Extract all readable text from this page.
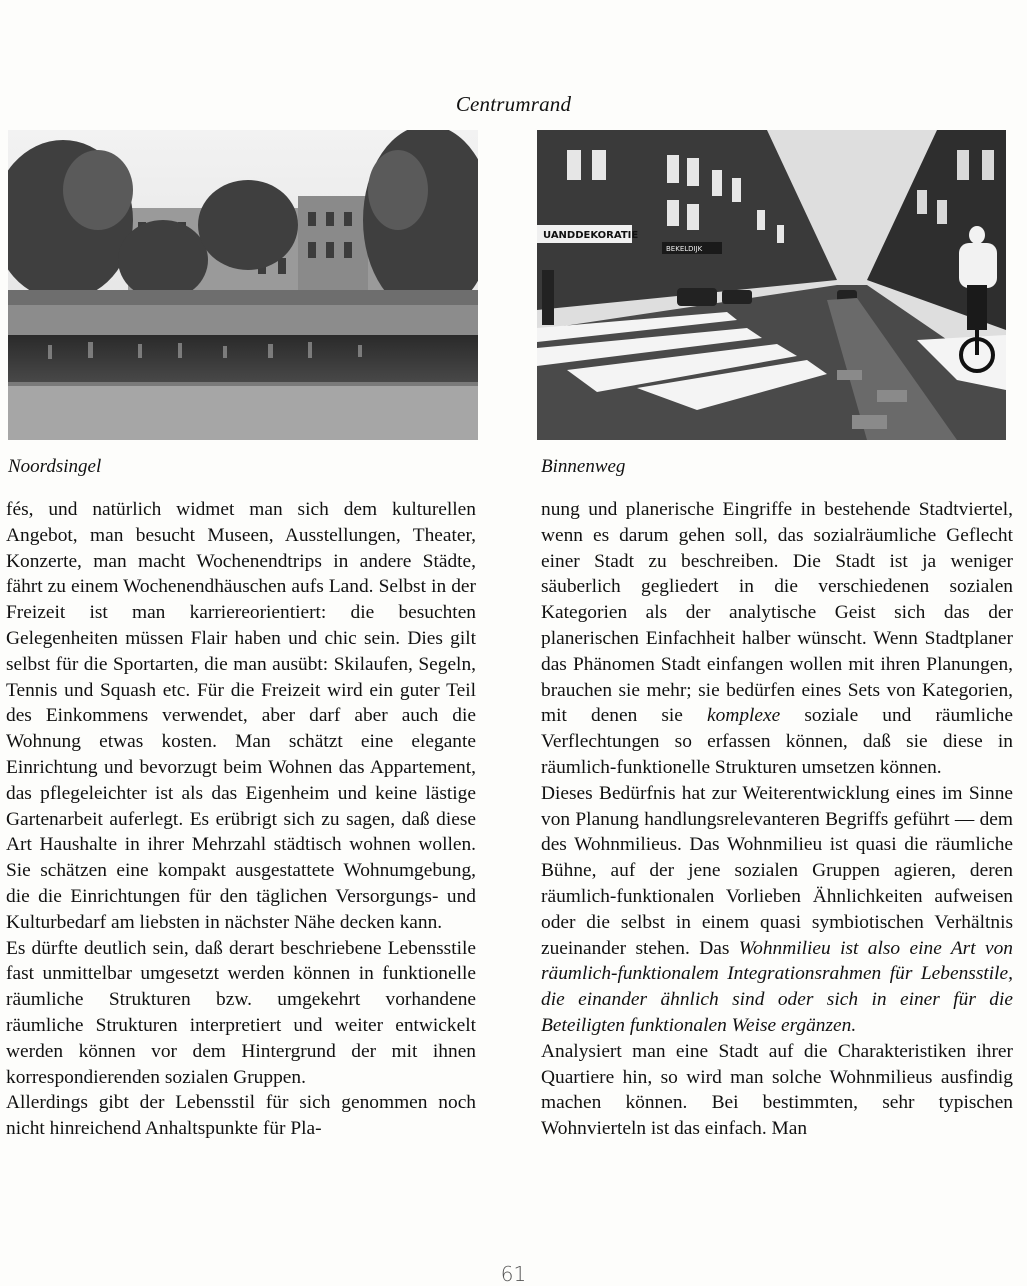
Centrumrand
UANDDEKORATIE
BEKELDIJK
Noordsingel	Binnenweg

fés, und natürlich widmet man sich dem kulturellen Angebot, man besucht Museen, Ausstellungen, Theater, Konzerte, man macht Wochenendtrips in andere Städte, fährt zu einem Wochenendhäuschen aufs Land. Selbst in der Freizeit ist man karriereorientiert: die besuchten Gelegenheiten müssen Flair haben und chic sein. Dies gilt selbst für die Sportarten, die man ausübt: Skilaufen, Segeln, Tennis und Squash etc. Für die Freizeit wird ein guter Teil des Einkommens verwendet, aber darf aber auch die Wohnung etwas kosten. Man schätzt eine elegante Einrichtung und bevorzugt beim Wohnen das Appartement, das pflegeleichter ist als das Eigenheim und keine lästige Gartenarbeit auferlegt. Es erübrigt sich zu sagen, daß diese Art Haushalte in ihrer Mehrzahl städtisch wohnen wollen. Sie schätzen eine kompakt ausgestattete Wohnumgebung, die die Einrichtungen für den täglichen Versorgungs- und Kulturbedarf am liebsten in nächster Nähe decken kann.

Es dürfte deutlich sein, daß derart beschriebene Lebensstile fast unmittelbar umgesetzt werden können in funktionelle räumliche Strukturen bzw. umgekehrt vorhandene räumliche Strukturen interpretiert und weiter entwickelt werden können vor dem Hintergrund der mit ihnen korrespondierenden sozialen Gruppen.

Allerdings gibt der Lebensstil für sich genommen noch nicht hinreichend Anhaltspunkte für Pla-

nung und planerische Eingriffe in bestehende Stadtviertel, wenn es darum gehen soll, das sozialräumliche Geflecht einer Stadt zu beschreiben. Die Stadt ist ja weniger säuberlich gegliedert in die verschiedenen sozialen Kategorien als der analytische Geist sich das der planerischen Einfachheit halber wünscht. Wenn Stadtplaner das Phänomen Stadt einfangen wollen mit ihren Planungen, brauchen sie mehr; sie bedürfen eines Sets von Kategorien, mit denen sie komplexe soziale und räumliche Verflechtungen so erfassen können, daß sie diese in räumlich-funktionelle Strukturen umsetzen können.

Dieses Bedürfnis hat zur Weiterentwicklung eines im Sinne von Planung handlungsrelevanteren Begriffs geführt — dem des Wohnmilieus. Das Wohnmilieu ist quasi die räumliche Bühne, auf der jene sozialen Gruppen agieren, deren räumlich-funktionalen Vorlieben Ähnlichkeiten aufweisen oder die selbst in einem quasi symbiotischen Verhältnis zueinander stehen. Das Wohnmilieu ist also eine Art von räumlich-funktionalem Integrationsrahmen für Lebensstile, die einander ähnlich sind oder sich in einer für die Beteiligten funktionalen Weise ergänzen.

Analysiert man eine Stadt auf die Charakteristiken ihrer Quartiere hin, so wird man solche Wohnmilieus ausfindig machen können. Bei bestimmten, sehr typischen Wohnvierteln ist das einfach. Man

61
